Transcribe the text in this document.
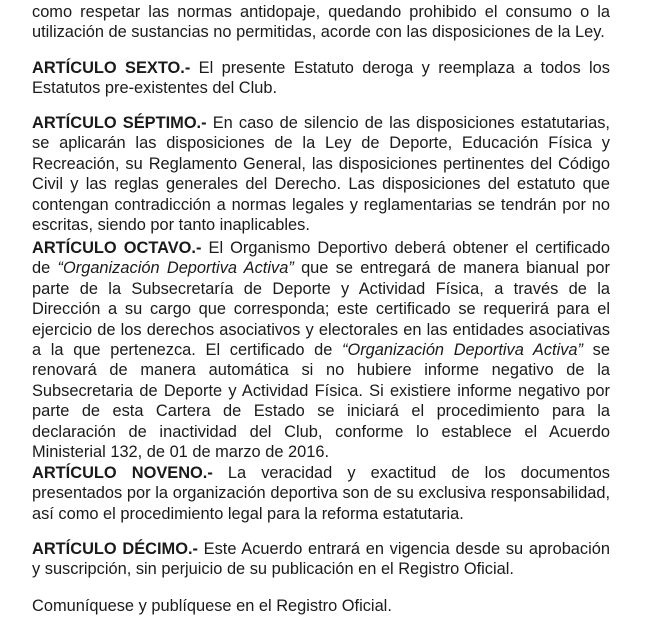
como respetar las normas antidopaje, quedando prohibido el consumo o la utilización de sustancias no permitidas, acorde con las disposiciones de la Ley.

ARTÍCULO SEXTO.- El presente Estatuto deroga y reemplaza a todos los Estatutos pre-existentes del Club.

ARTÍCULO SÉPTIMO.- En caso de silencio de las disposiciones estatutarias, se aplicarán las disposiciones de la Ley de Deporte, Educación Física y Recreación, su Reglamento General, las disposiciones pertinentes del Código Civil y las reglas generales del Derecho. Las disposiciones del estatuto que contengan contradicción a normas legales y reglamentarias se tendrán por no escritas, siendo por tanto inaplicables.

ARTÍCULO OCTAVO.- El Organismo Deportivo deberá obtener el certificado de “Organización Deportiva Activa” que se entregará de manera bianual por parte de la Subsecretaría de Deporte y Actividad Física, a través de la Dirección a su cargo que corresponda; este certificado se requerirá para el ejercicio de los derechos asociativos y electorales en las entidades asociativas a la que pertenezca. El certificado de “Organización Deportiva Activa” se renovará de manera automática si no hubiere informe negativo de la Subsecretaria de Deporte y Actividad Física. Si existiere informe negativo por parte de esta Cartera de Estado se iniciará el procedimiento para la declaración de inactividad del Club, conforme lo establece el Acuerdo Ministerial 132, de 01 de marzo de 2016.

ARTÍCULO NOVENO.- La veracidad y exactitud de los documentos presentados por la organización deportiva son de su exclusiva responsabilidad, así como el procedimiento legal para la reforma estatutaria.

ARTÍCULO DÉCIMO.- Este Acuerdo entrará en vigencia desde su aprobación y suscripción, sin perjuicio de su publicación en el Registro Oficial.

Comuníquese y publíquese en el Registro Oficial.
